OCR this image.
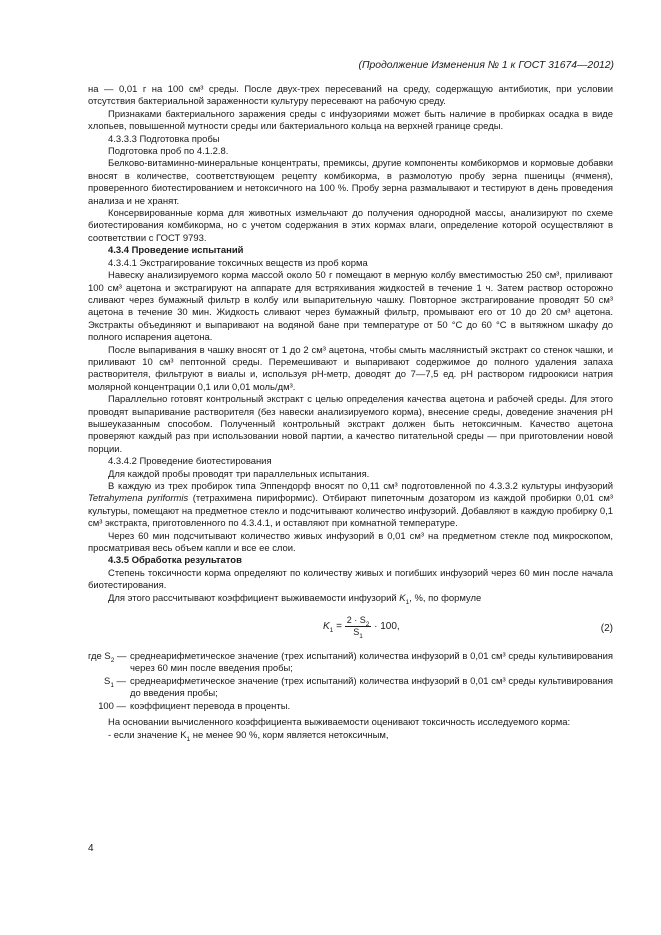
(Продолжение Изменения № 1 к ГОСТ 31674—2012)

на — 0,01 г на 100 см³ среды. После двух-трех пересеваний на среду, содержащую антибиотик, при условии отсутствия бактериальной зараженности культуру пересевают на рабочую среду.

Признаками бактериального заражения среды с инфузориями может быть наличие в пробирках осадка в виде хлопьев, повышенной мутности среды или бактериального кольца на верхней границе среды.

4.3.3.3 Подготовка пробы

Подготовка проб по 4.1.2.8.

Белково-витаминно-минеральные концентраты, премиксы, другие компоненты комбикормов и кормовые добавки вносят в количестве, соответствующем рецепту комбикорма, в размолотую пробу зерна пшеницы (ячменя), проверенного биотестированием и нетоксичного на 100 %. Пробу зерна размалывают и тестируют в день проведения анализа и не хранят.

Консервированные корма для животных измельчают до получения однородной массы, анализируют по схеме биотестирования комбикорма, но с учетом содержания в этих кормах влаги, определение которой осуществляют в соответствии с ГОСТ 9793.

4.3.4 Проведение испытаний

4.3.4.1 Экстрагирование токсичных веществ из проб корма

Навеску анализируемого корма массой около 50 г помещают в мерную колбу вместимостью 250 см³, приливают 100 см³ ацетона и экстрагируют на аппарате для встряхивания жидкостей в течение 1 ч. Затем раствор осторожно сливают через бумажный фильтр в колбу или выпарительную чашку. Повторное экстрагирование проводят 50 см³ ацетона в течение 30 мин. Жидкость сливают через бумажный фильтр, промывают его от 10 до 20 см³ ацетона. Экстракты объединяют и выпаривают на водяной бане при температуре от 50 °С до 60 °С в вытяжном шкафу до полного испарения ацетона.

После выпаривания в чашку вносят от 1 до 2 см³ ацетона, чтобы смыть маслянистый экстракт со стенок чашки, и приливают 10 см³ пептонной среды. Перемешивают и выпаривают содержимое до полного удаления запаха растворителя, фильтруют в виалы и, используя рН-метр, доводят до 7—7,5 ед. рН раствором гидроокиси натрия молярной концентрации 0,1 или 0,01 моль/дм³.

Параллельно готовят контрольный экстракт с целью определения качества ацетона и рабочей среды. Для этого проводят выпаривание растворителя (без навески анализируемого корма), внесение среды, доведение значения рН вышеуказанным способом. Полученный контрольный экстракт должен быть нетоксичным. Качество ацетона проверяют каждый раз при использовании новой партии, а качество питательной среды — при приготовлении новой порции.

4.3.4.2 Проведение биотестирования

Для каждой пробы проводят три параллельных испытания.

В каждую из трех пробирок типа Эппендорф вносят по 0,11 см³ подготовленной по 4.3.3.2 культуры инфузорий Tetrahymena pyriformis (тетрахимена пириформис). Отбирают пипеточным дозатором из каждой пробирки 0,01 см³ культуры, помещают на предметное стекло и подсчитывают количество инфузорий. Добавляют в каждую пробирку 0,1 см³ экстракта, приготовленного по 4.3.4.1, и оставляют при комнатной температуре.

Через 60 мин подсчитывают количество живых инфузорий в 0,01 см³ на предметном стекле под микроскопом, просматривая весь объем капли и все ее слои.

4.3.5 Обработка результатов

Степень токсичности корма определяют по количеству живых и погибших инфузорий через 60 мин после начала биотестирования.

Для этого рассчитывают коэффициент выживаемости инфузорий $K_1$, %, по формуле

$K_1 = \frac{2 \cdot S_2}{S_1} \cdot 100$,	(2)
где $S_2$ — среднеарифметическое значение (трех испытаний) количества инфузорий в 0,01 см³ среды культивирования через 60 мин после введения пробы;
$S_1$ — среднеарифметическое значение (трех испытаний) количества инфузорий в 0,01 см³ среды культивирования до введения пробы;
100 — коэффициент перевода в проценты.

На основании вычисленного коэффициента выживаемости оценивают токсичность исследуемого корма:

- если значение $K_1$ не менее 90 %, корм является нетоксичным,

4
